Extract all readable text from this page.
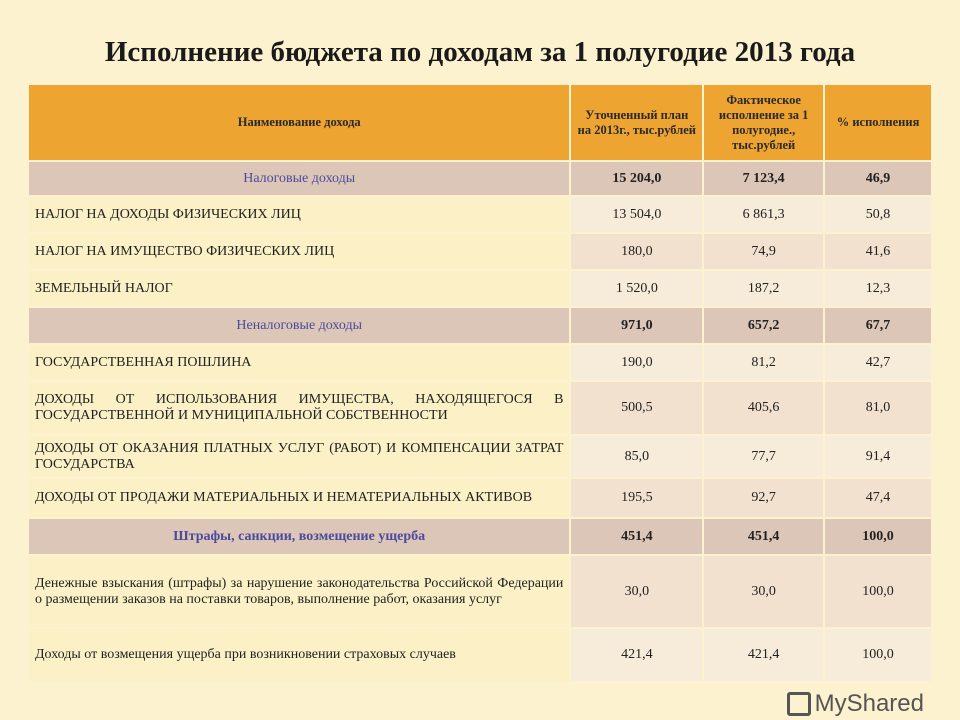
Исполнение бюджета по доходам за 1 полугодие 2013 года
Наименование дохода	Уточненный план на 2013г., тыс.рублей	Фактическое исполнение за 1 полугодие., тыс.рублей	% исполнения
Налоговые доходы	15 204,0	7 123,4	46,9
НАЛОГ НА ДОХОДЫ ФИЗИЧЕСКИХ ЛИЦ	13 504,0	6 861,3	50,8
НАЛОГ НА ИМУЩЕСТВО ФИЗИЧЕСКИХ ЛИЦ	180,0	74,9	41,6
ЗЕМЕЛЬНЫЙ НАЛОГ	1 520,0	187,2	12,3
Неналоговые доходы	971,0	657,2	67,7
ГОСУДАРСТВЕННАЯ ПОШЛИНА	190,0	81,2	42,7
ДОХОДЫ ОТ ИСПОЛЬЗОВАНИЯ ИМУЩЕСТВА, НАХОДЯЩЕГОСЯ В ГОСУДАРСТВЕННОЙ И МУНИЦИПАЛЬНОЙ СОБСТВЕННОСТИ	500,5	405,6	81,0
ДОХОДЫ ОТ ОКАЗАНИЯ ПЛАТНЫХ УСЛУГ (РАБОТ) И КОМПЕНСАЦИИ ЗАТРАТ ГОСУДАРСТВА	85,0	77,7	91,4
ДОХОДЫ ОТ ПРОДАЖИ МАТЕРИАЛЬНЫХ И НЕМАТЕРИАЛЬНЫХ АКТИВОВ	195,5	92,7	47,4
Штрафы, санкции, возмещение ущерба	451,4	451,4	100,0
Денежные взыскания (штрафы) за нарушение законодательства Российской Федерации о размещении заказов на поставки товаров, выполнение работ, оказания услуг	30,0	30,0	100,0
Доходы от возмещения ущерба при возникновении страховых случаев	421,4	421,4	100,0
MyShared
